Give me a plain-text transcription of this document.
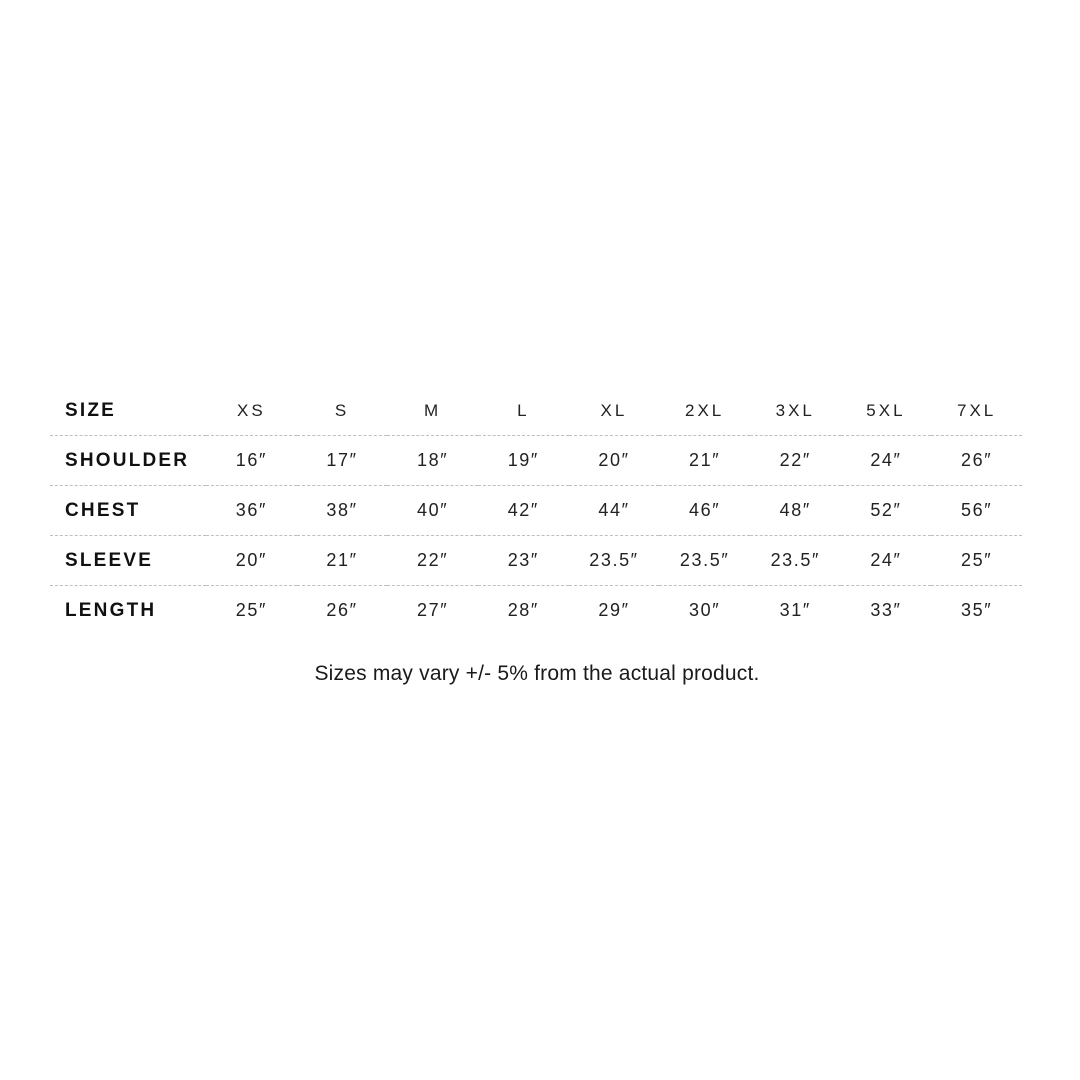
SIZE	XS	S	M	L	XL	2XL	3XL	5XL	7XL
SHOULDER	16″	17″	18″	19″	20″	21″	22″	24″	26″
CHEST	36″	38″	40″	42″	44″	46″	48″	52″	56″
SLEEVE	20″	21″	22″	23″	23.5″	23.5″	23.5″	24″	25″
LENGTH	25″	26″	27″	28″	29″	30″	31″	33″	35″
Sizes may vary +/- 5% from the actual product.
